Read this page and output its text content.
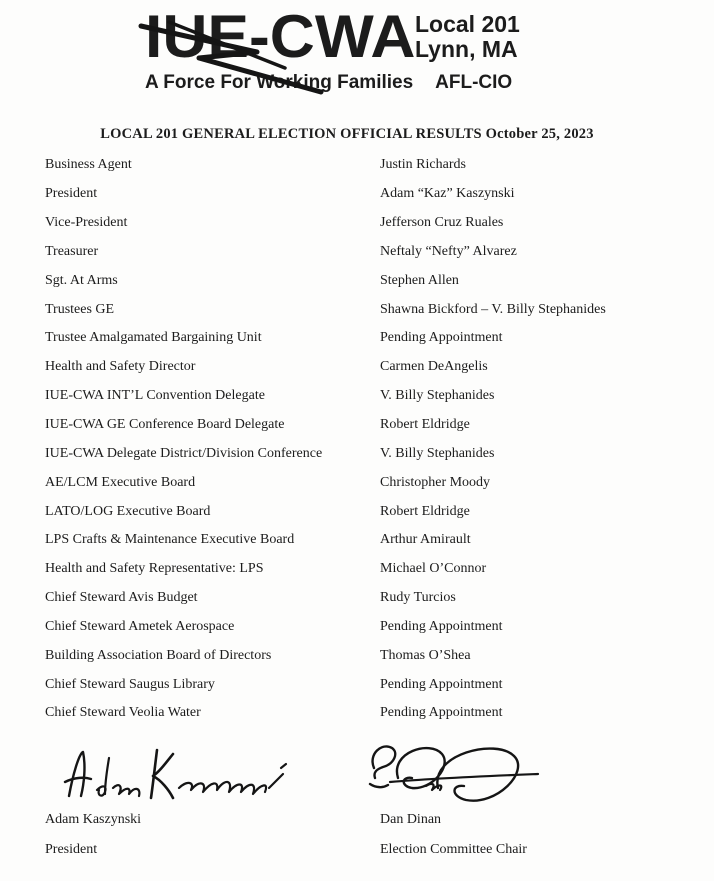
IUE-CWA Local 201
Lynn, MA
A Force For Working Families AFL-CIO
LOCAL 201 GENERAL ELECTION OFFICIAL RESULTS October 25, 2023
Business Agent	Justin Richards
President	Adam “Kaz” Kaszynski
Vice-President	Jefferson Cruz Ruales
Treasurer	Neftaly “Nefty” Alvarez
Sgt. At Arms	Stephen Allen
Trustees GE	Shawna Bickford – V. Billy Stephanides
Trustee Amalgamated Bargaining Unit	Pending Appointment
Health and Safety Director	Carmen DeAngelis
IUE-CWA INT’L Convention Delegate	V. Billy Stephanides
IUE-CWA GE Conference Board Delegate	Robert Eldridge
IUE-CWA Delegate District/Division Conference	V. Billy Stephanides
AE/LCM Executive Board	Christopher Moody
LATO/LOG Executive Board	Robert Eldridge
LPS Crafts & Maintenance Executive Board	Arthur Amirault
Health and Safety Representative: LPS	Michael O’Connor
Chief Steward Avis Budget	Rudy Turcios
Chief Steward Ametek Aerospace	Pending Appointment
Building Association Board of Directors	Thomas O’Shea
Chief Steward Saugus Library	Pending Appointment
Chief Steward Veolia Water	Pending Appointment
Adam Kaszynski	Dan Dinan
President	Election Committee Chair
